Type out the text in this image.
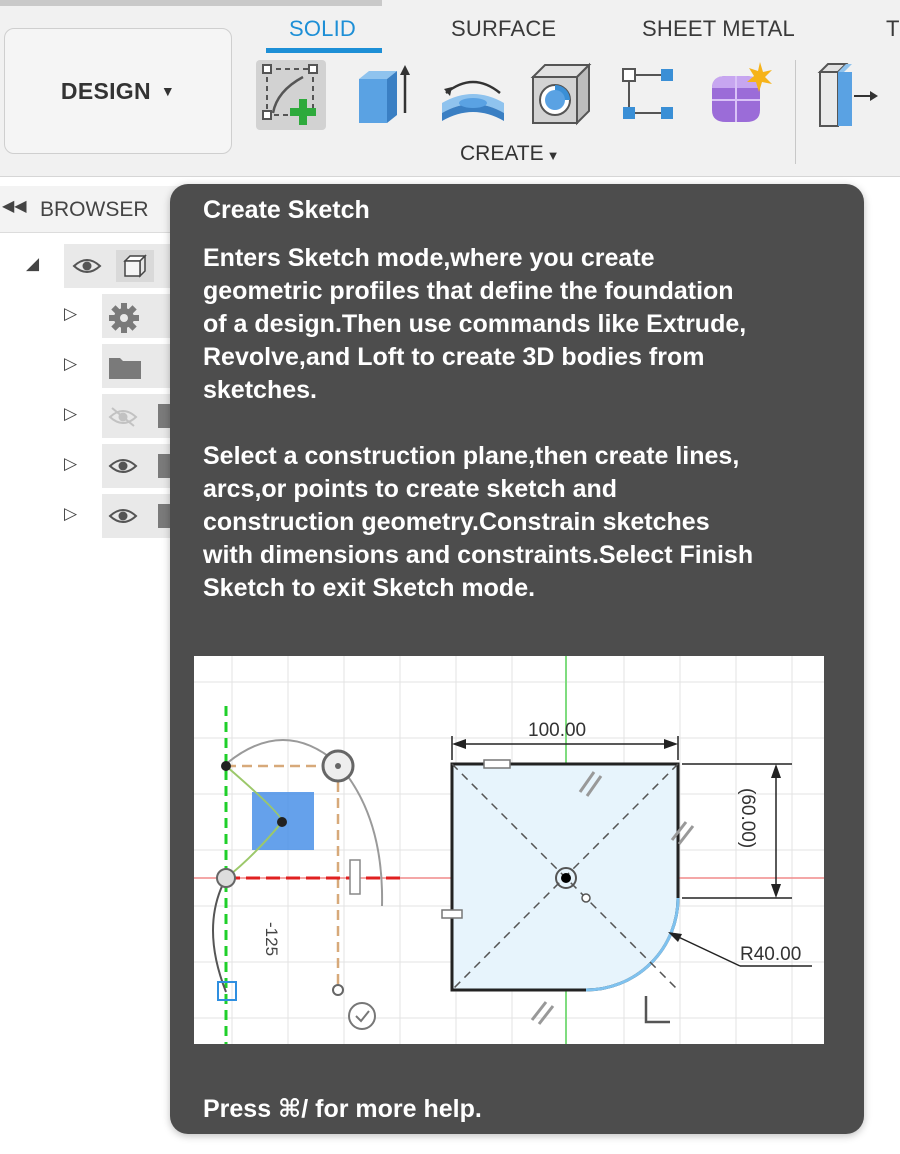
DESIGN ▼
SOLID	SURFACE	SHEET METAL	T
CREATE ▼
◀◀ BROWSER
◢
▷
▷
▷
▷
▷
Create Sketch
Enters Sketch mode,where you create
geometric profiles that define the foundation
of a design.Then use commands like Extrude,
Revolve,and Loft to create 3D bodies from
sketches.
Select a construction plane,then create lines,
arcs,or points to create sketch and
construction geometry.Constrain sketches
with dimensions and constraints.Select Finish
Sketch to exit Sketch mode.
-125
100.00
(60.00)
R40.00
Press ⌘/ for more help.
